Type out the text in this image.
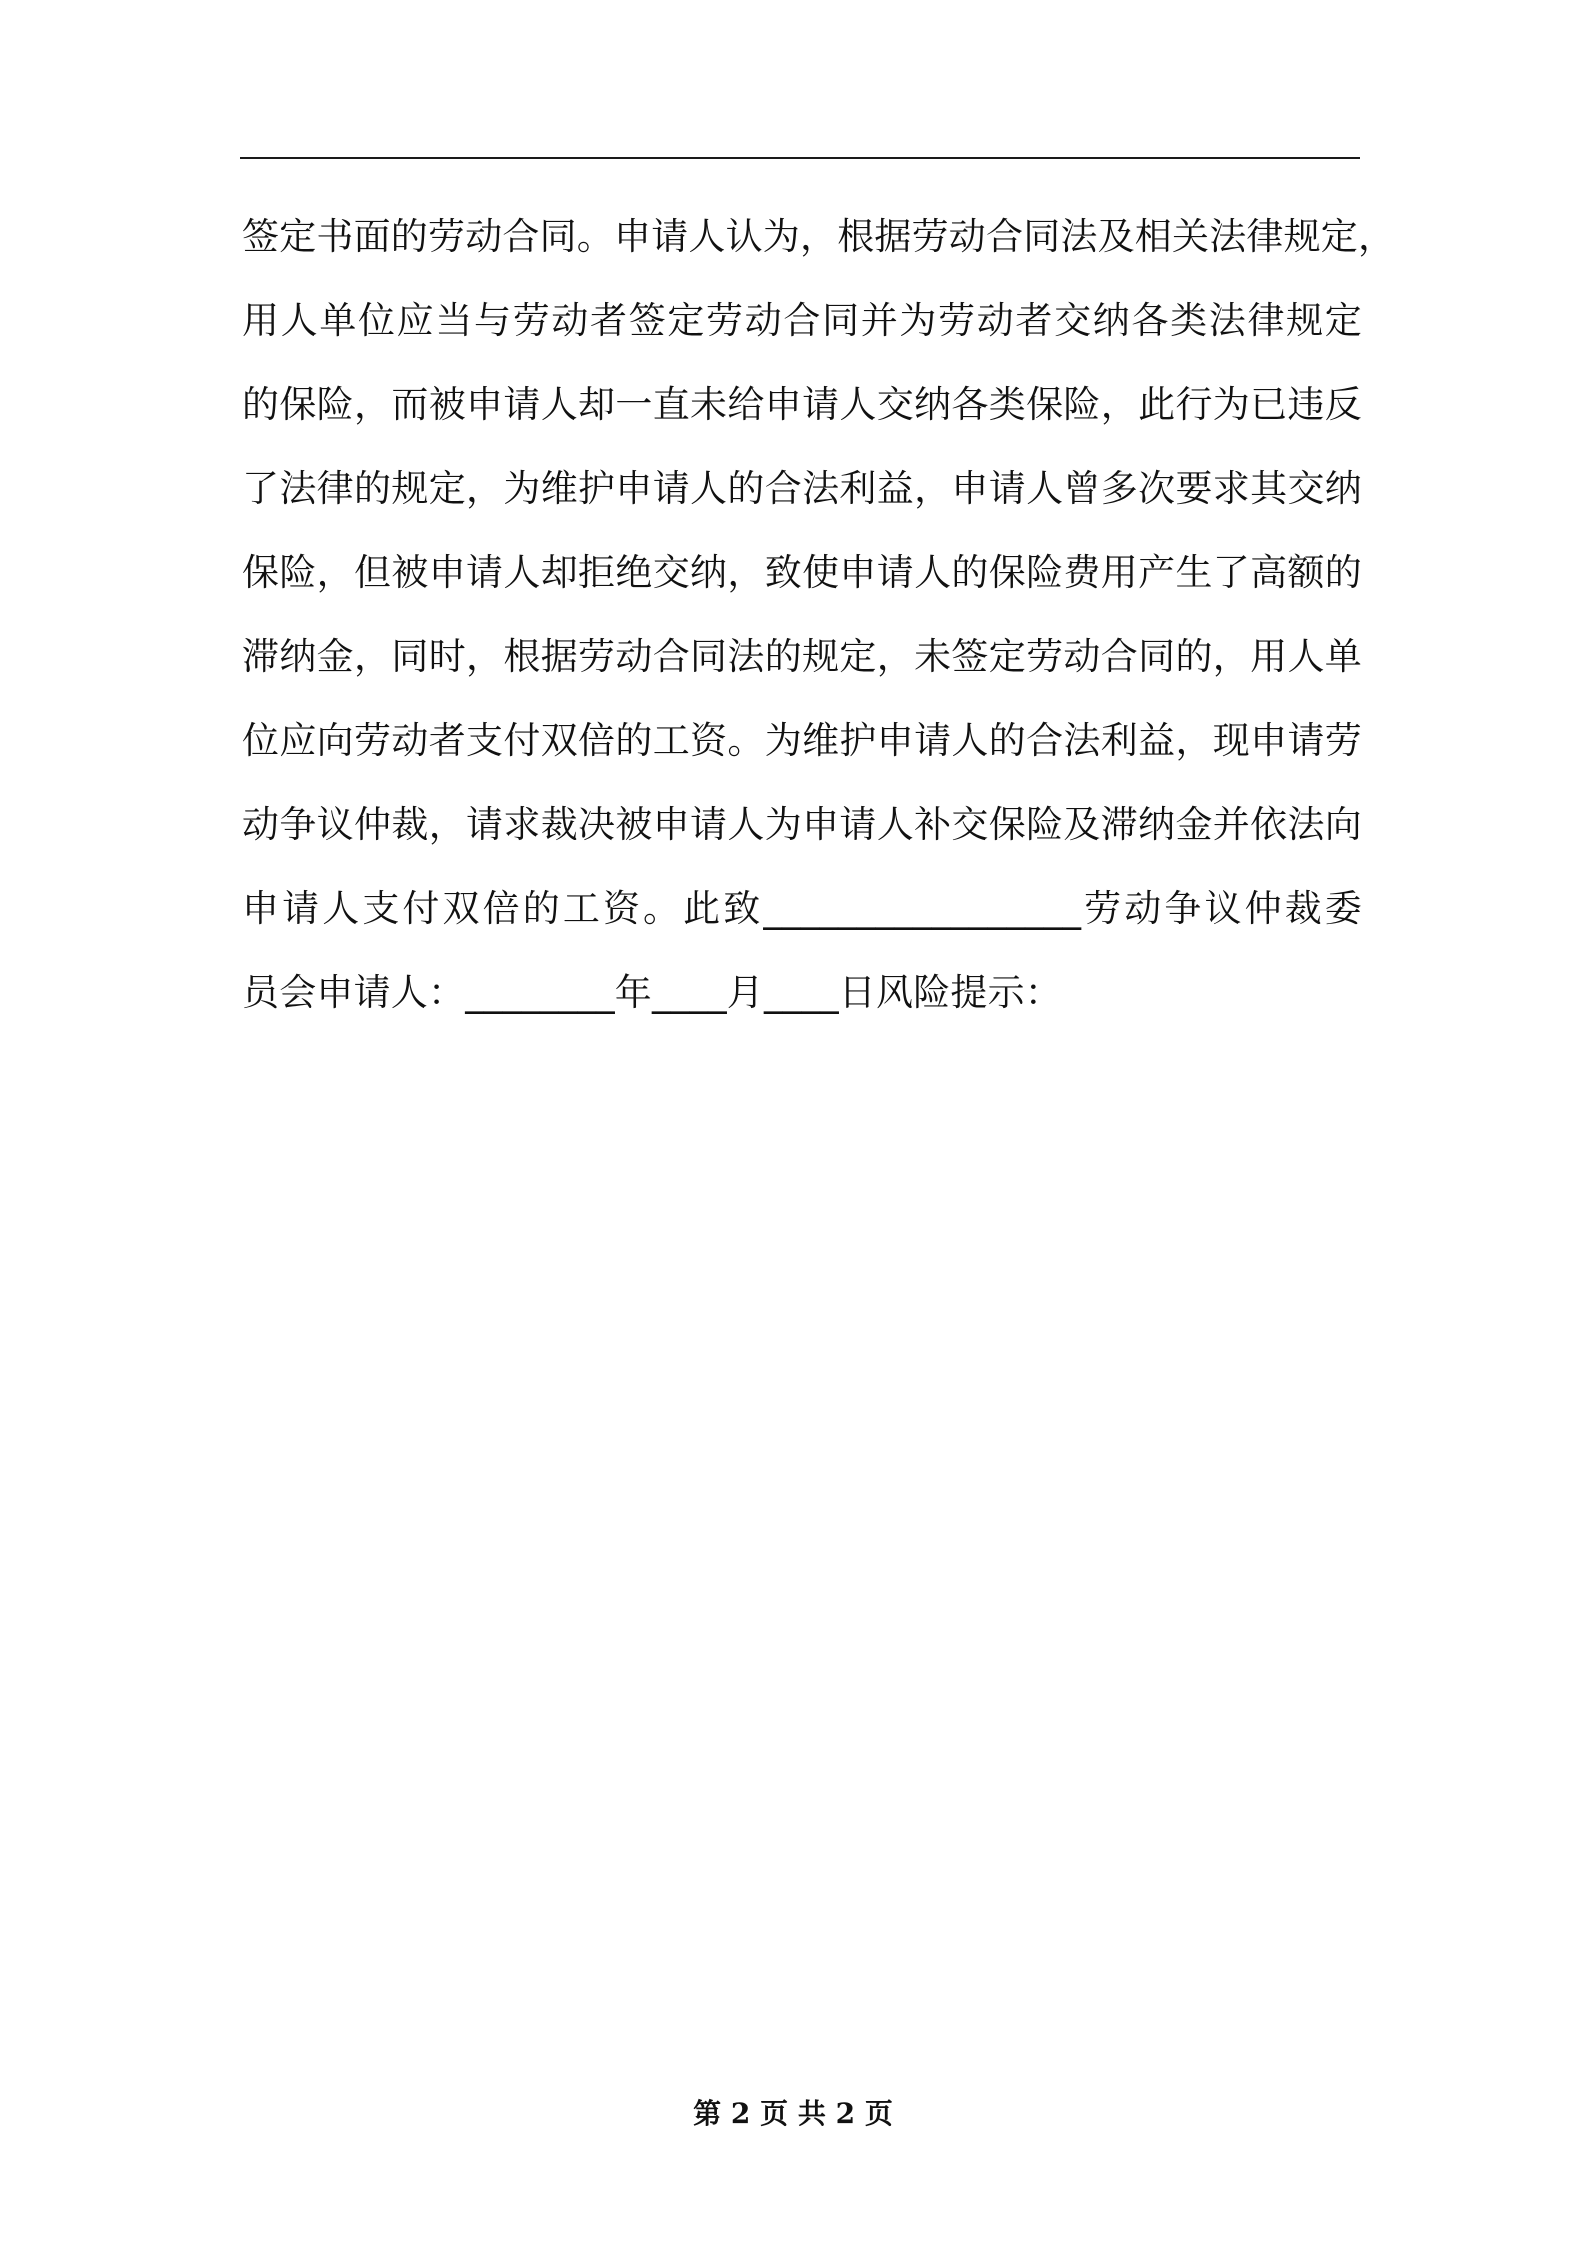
签定书面的劳动合同。申请人认为，根据劳动合同法及相关法律规定，
用人单位应当与劳动者签定劳动合同并为劳动者交纳各类法律规定
的保险，而被申请人却一直未给申请人交纳各类保险，此行为已违反
了法律的规定，为维护申请人的合法利益，申请人曾多次要求其交纳
保险，但被申请人却拒绝交纳，致使申请人的保险费用产生了高额的
滞纳金，同时，根据劳动合同法的规定，未签定劳动合同的，用人单
位应向劳动者支付双倍的工资。为维护申请人的合法利益，现申请劳
动争议仲裁，请求裁决被申请人为申请人补交保险及滞纳金并依法向
申请人支付双倍的工资。此致_________________劳动争议仲裁委
员会申请人：________年____月____日风险提示：
第 2 页 共 2 页
